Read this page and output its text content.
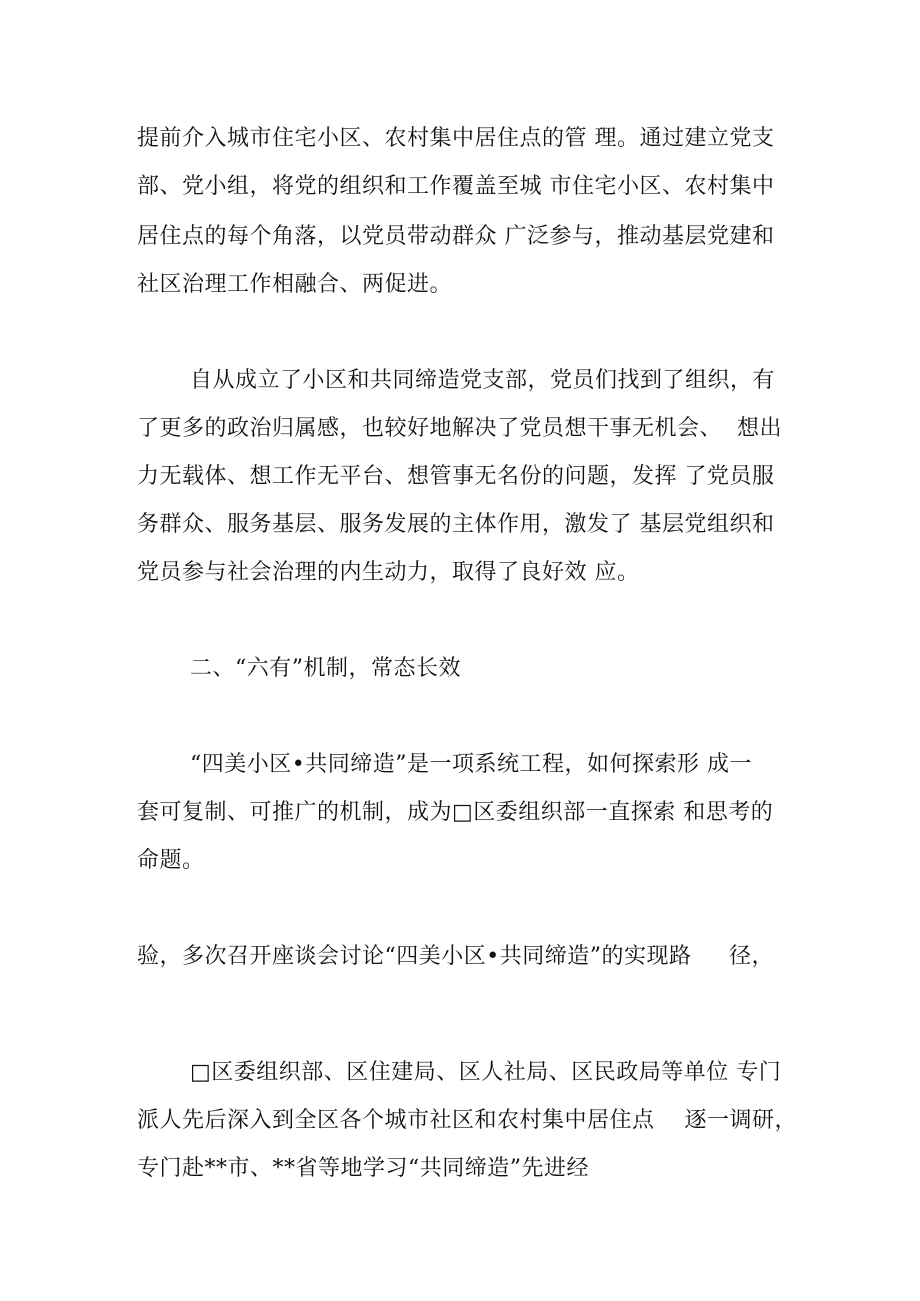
提前介入城市住宅小区、农村集中居住点的管 理。通过建立党支
部、党小组，将党的组织和工作覆盖至城 市住宅小区、农村集中
居住点的每个角落，以党员带动群众 广泛参与，推动基层党建和
社区治理工作相融合、两促进。
自从成立了小区和共同缔造党支部，党员们找到了组织，有
了更多的政治归属感，也较好地解决了党员想干事无机会、  想出
力无载体、想工作无平台、想管事无名份的问题，发挥 了党员服
务群众、服务基层、服务发展的主体作用，激发了 基层党组织和
党员参与社会治理的内生动力，取得了良好效 应。
二、“六有”机制，常态长效
“四美小区•共同缔造”是一项系统工程，如何探索形 成一
套可复制、可推广的机制，成为□区委组织部一直探索 和思考的
命题。
验，多次召开座谈会讨论“四美小区•共同缔造”的实现路     径，
□区委组织部、区住建局、区人社局、区民政局等单位 专门
派人先后深入到全区各个城市社区和农村集中居住点    逐一调研，
专门赴**市、**省等地学习“共同缔造”先进经
